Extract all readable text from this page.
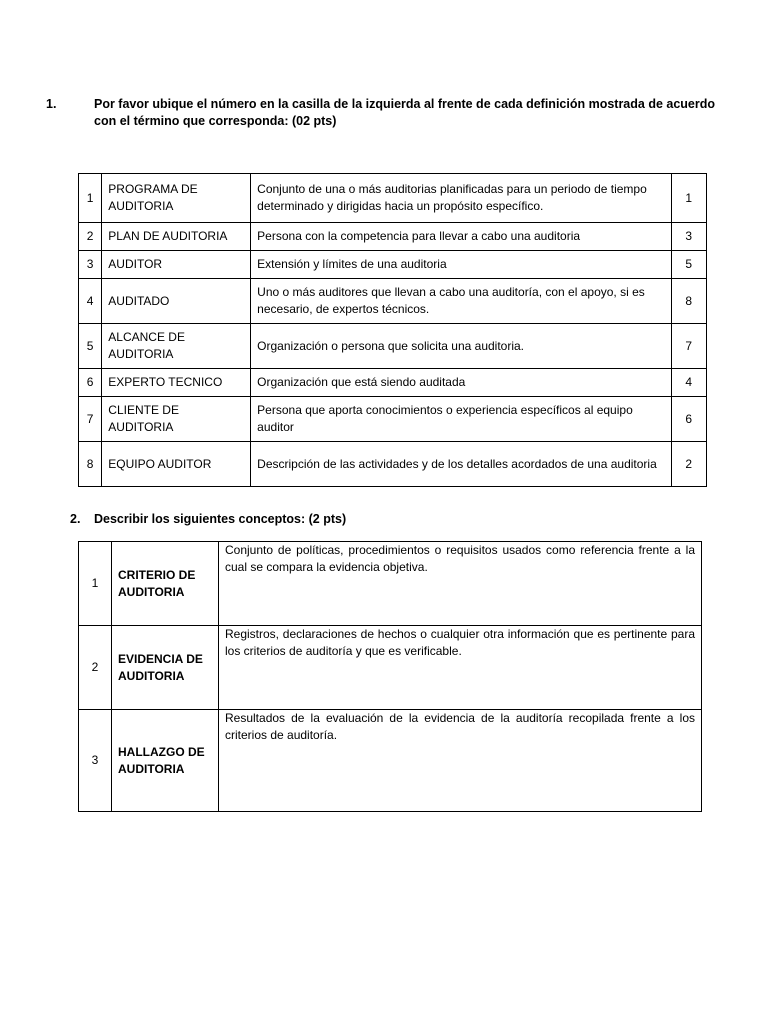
1.	Por favor ubique el número en la casilla de la izquierda al frente de cada definición mostrada de acuerdo con el término que corresponda: (02 pts)
1	PROGRAMA DE AUDITORIA	Conjunto de una o más auditorias planificadas para un periodo de tiempo determinado y dirigidas hacia un propósito específico.	1
2	PLAN DE AUDITORIA	Persona con la competencia para llevar a cabo una auditoria	3
3	AUDITOR	Extensión y límites de una auditoria	5
4	AUDITADO	Uno o más auditores que llevan a cabo una auditoría, con el apoyo, si es necesario, de expertos técnicos.	8
5	ALCANCE DE AUDITORIA	Organización o persona que solicita una auditoria.	7
6	EXPERTO TECNICO	Organización que está siendo auditada	4
7	CLIENTE DE AUDITORIA	Persona que aporta conocimientos o experiencia específicos al equipo auditor	6
8	EQUIPO AUDITOR	Descripción de las actividades y de los detalles acordados de una auditoria	2
2. Describir los siguientes conceptos: (2 pts)
1	CRITERIO DE AUDITORIA	Conjunto de políticas, procedimientos o requisitos usados como referencia frente a la cual se compara la evidencia objetiva.
2	EVIDENCIA DE AUDITORIA	Registros, declaraciones de hechos o cualquier otra información que es pertinente para los criterios de auditoría y que es verificable.
3	HALLAZGO DE AUDITORIA	Resultados de la evaluación de la evidencia de la auditoría recopilada frente a los criterios de auditoría.
